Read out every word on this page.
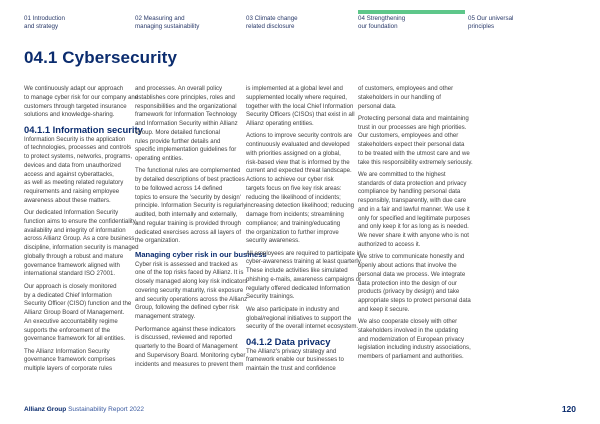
01 Introduction
and strategy
02 Measuring and
managing sustainability
03 Climate change
related disclosure
04 Strengthening
our foundation
05 Our universal
principles
04.1 Cybersecurity

We continuously adapt our approach
to manage cyber risk for our company and
customers through targeted insurance
solutions and knowledge-sharing.

04.1.1 Information security

Information Security is the application
of technologies, processes and controls
to protect systems, networks, programs,
devices and data from unauthorized
access and against cyberattacks,
as well as meeting related regulatory
requirements and raising employee
awareness about these matters.

Our dedicated Information Security
function aims to ensure the confidentiality,
availability and integrity of information
across Allianz Group. As a core business
discipline, information security is managed
globally through a robust and mature
governance framework aligned with
international standard ISO 27001.

Our approach is closely monitored
by a dedicated Chief Information
Security Officer (CISO) function and the
Allianz Group Board of Management.
An executive accountability regime
supports the enforcement of the
governance framework for all entities.

The Allianz Information Security
governance framework comprises
multiple layers of corporate rules

and processes. An overall policy
establishes core principles, roles and
responsibilities and the organizational
framework for Information Technology
and Information Security within Allianz
Group. More detailed functional
rules provide further details and
specific implementation guidelines for
operating entities.

The functional rules are complemented
by detailed descriptions of best practices
to be followed across 14 defined
topics to ensure the 'security by design'
principle. Information Security is regularly
audited, both internally and externally,
and regular training is provided through
dedicated exercises across all layers of
the organization.

Managing cyber risk in our business

Cyber risk is assessed and tracked as
one of the top risks faced by Allianz. It is
closely managed along key risk indicators
covering security maturity, risk exposure
and security operations across the Allianz
Group, following the defined cyber risk
management strategy.

Performance against these indicators
is discussed, reviewed and reported
quarterly to the Board of Management
and Supervisory Board. Monitoring cyber
incidents and measures to prevent them

is implemented at a global level and
supplemented locally where required,
together with the local Chief Information
Security Officers (CISOs) that exist in all
Allianz operating entities.

Actions to improve security controls are
continuously evaluated and developed
with priorities assigned on a global,
risk-based view that is informed by the
current and expected threat landscape.
Actions to achieve our cyber risk
targets focus on five key risk areas:
reducing the likelihood of incidents;
increasing detection likelihood; reducing
damage from incidents; streamlining
compliance; and training/educating
the organization to further improve
security awareness.

All employees are required to participate in
cyber-awareness training at least quarterly.
These include activities like simulated
phishing e-mails, awareness campaigns or
regularly offered dedicated Information
Security trainings.

We also participate in industry and
global/regional initiatives to support the
security of the overall internet ecosystem.

04.1.2 Data privacy

The Allianz's privacy strategy and
framework enable our businesses to
maintain the trust and confidence

of customers, employees and other
stakeholders in our handling of
personal data.

Protecting personal data and maintaining
trust in our processes are high priorities.
Our customers, employees and other
stakeholders expect their personal data
to be treated with the utmost care and we
take this responsibility extremely seriously.

We are committed to the highest
standards of data protection and privacy
compliance by handling personal data
responsibly, transparently, with due care
and in a fair and lawful manner. We use it
only for specified and legitimate purposes
and only keep it for as long as is needed.
We never share it with anyone who is not
authorized to access it.

We strive to communicate honestly and
openly about actions that involve the
personal data we process. We integrate
data protection into the design of our
products (privacy by design) and take
appropriate steps to protect personal data
and keep it secure.

We also cooperate closely with other
stakeholders involved in the updating
and modernization of European privacy
legislation including industry associations,
members of parliament and authorities.

Allianz Group Sustainability Report 2022	120
